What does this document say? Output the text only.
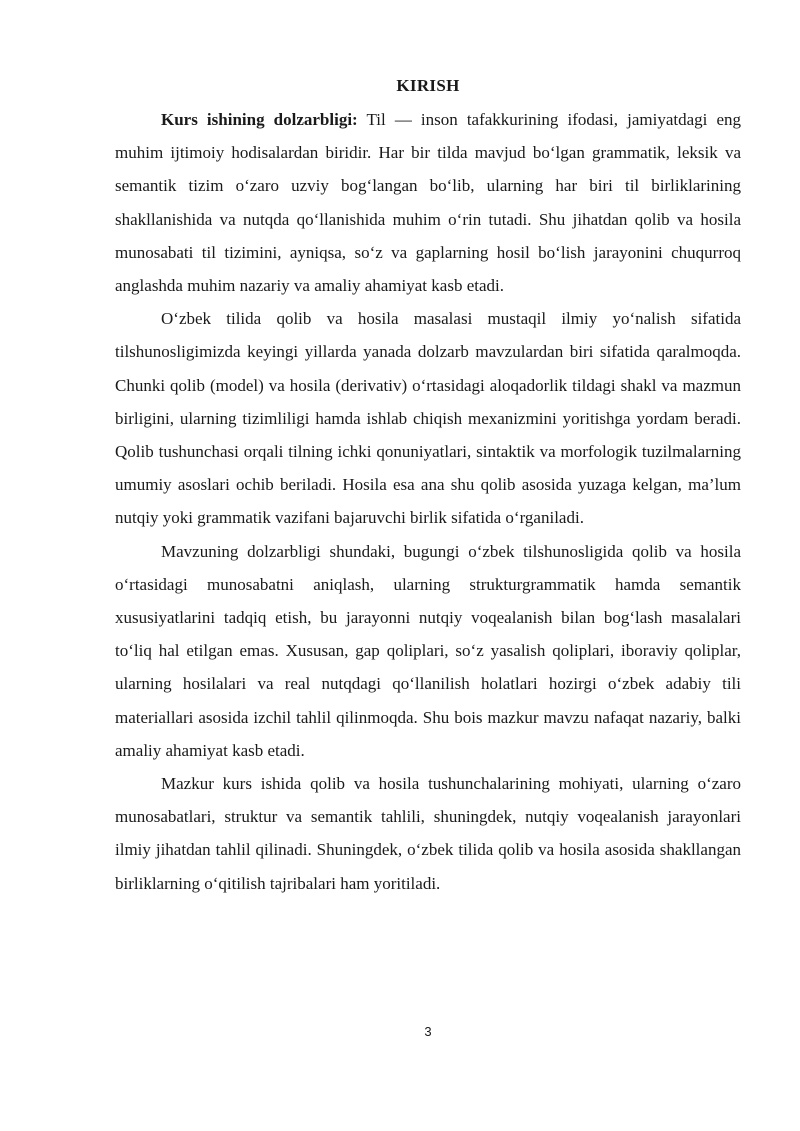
KIRISH

Kurs ishining dolzarbligi: Til — inson tafakkurining ifodasi, jamiyatdagi eng muhim ijtimoiy hodisalardan biridir. Har bir tilda mavjud bo‘lgan grammatik, leksik va semantik tizim o‘zaro uzviy bog‘langan bo‘lib, ularning har biri til birliklarining shakllanishida va nutqda qo‘llanishida muhim o‘rin tutadi. Shu jihatdan qolib va hosila munosabati til tizimini, ayniqsa, so‘z va gaplarning hosil bo‘lish jarayonini chuqurroq anglashda muhim nazariy va amaliy ahamiyat kasb etadi.

O‘zbek tilida qolib va hosila masalasi mustaqil ilmiy yo‘nalish sifatida tilshunosligimizda keyingi yillarda yanada dolzarb mavzulardan biri sifatida qaralmoqda. Chunki qolib (model) va hosila (derivativ) o‘rtasidagi aloqadorlik tildagi shakl va mazmun birligini, ularning tizimliligi hamda ishlab chiqish mexanizmini yoritishga yordam beradi. Qolib tushunchasi orqali tilning ichki qonuniyatlari, sintaktik va morfologik tuzilmalarning umumiy asoslari ochib beriladi. Hosila esa ana shu qolib asosida yuzaga kelgan, ma’lum nutqiy yoki grammatik vazifani bajaruvchi birlik sifatida o‘rganiladi.

Mavzuning dolzarbligi shundaki, bugungi o‘zbek tilshunosligida qolib va hosila o‘rtasidagi munosabatni aniqlash, ularning strukturgrammatik hamda semantik xususiyatlarini tadqiq etish, bu jarayonni nutqiy voqealanish bilan bog‘lash masalalari to‘liq hal etilgan emas. Xususan, gap qoliplari, so‘z yasalish qoliplari, iboraviy qoliplar, ularning hosilalari va real nutqdagi qo‘llanilish holatlari hozirgi o‘zbek adabiy tili materiallari asosida izchil tahlil qilinmoqda. Shu bois mazkur mavzu nafaqat nazariy, balki amaliy ahamiyat kasb etadi.

Mazkur kurs ishida qolib va hosila tushunchalarining mohiyati, ularning o‘zaro munosabatlari, struktur va semantik tahlili, shuningdek, nutqiy voqealanish jarayonlari ilmiy jihatdan tahlil qilinadi. Shuningdek, o‘zbek tilida qolib va hosila asosida shakllangan birliklarning o‘qitilish tajribalari ham yoritiladi.

3
